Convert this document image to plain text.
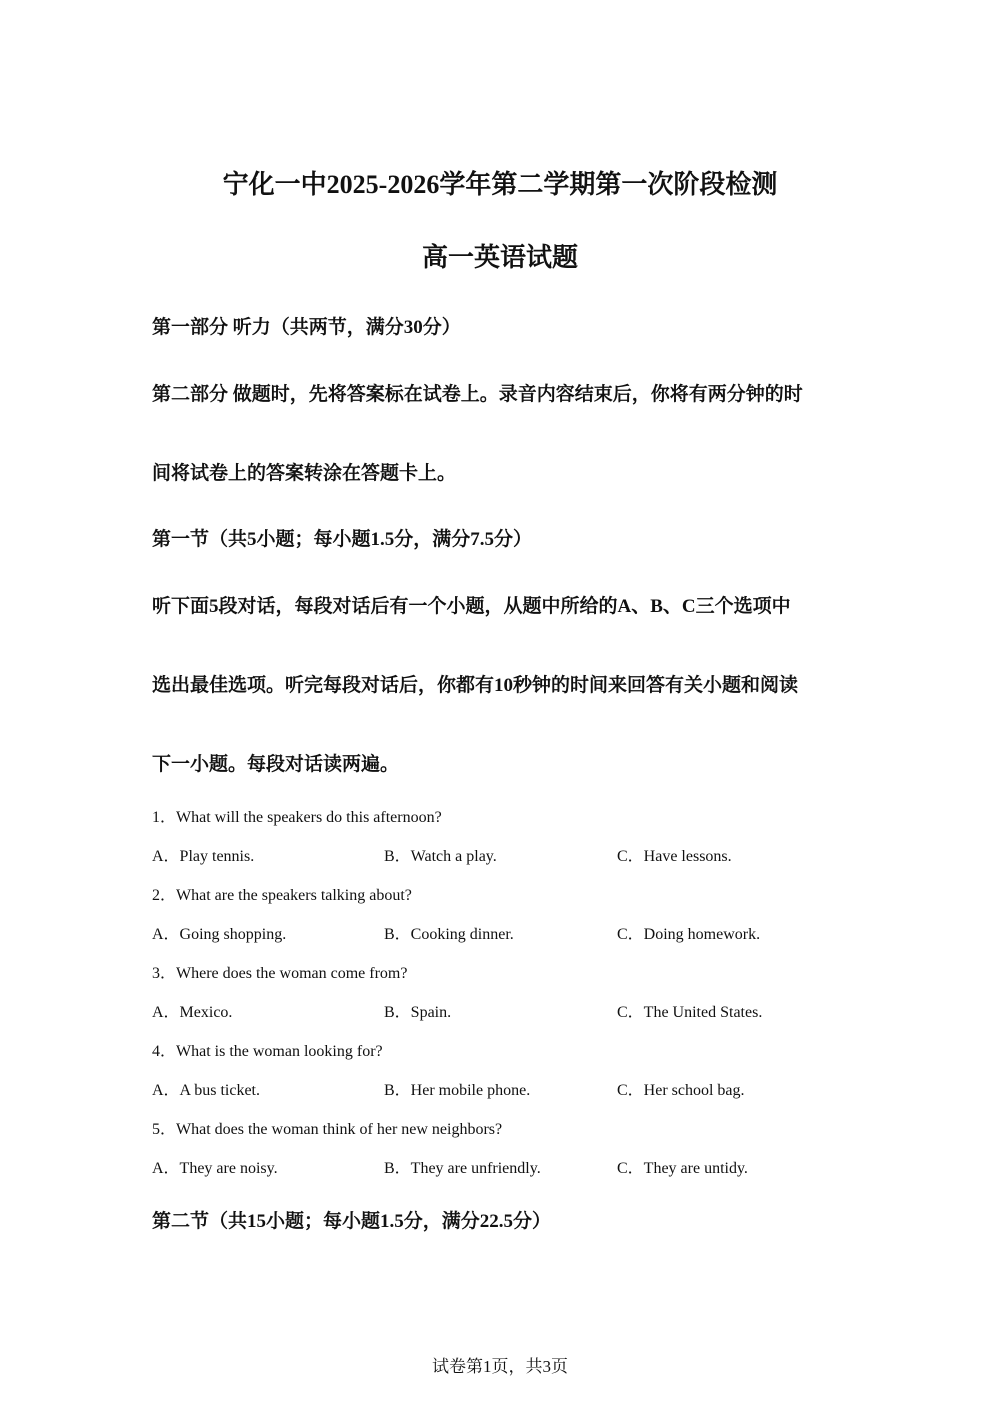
宁化一中2025-2026学年第二学期第一次阶段检测
高一英语试题
第一部分 听力（共两节，满分30分）
第二部分 做题时，先将答案标在试卷上。录音内容结束后，你将有两分钟的时
间将试卷上的答案转涂在答题卡上。
第一节（共5小题；每小题1.5分，满分7.5分）
听下面5段对话，每段对话后有一个小题，从题中所给的A、B、C三个选项中
选出最佳选项。听完每段对话后，你都有10秒钟的时间来回答有关小题和阅读
下一小题。每段对话读两遍。
1．What will the speakers do this afternoon?
A．Play tennis.	B．Watch a play.	C．Have lessons.
2．What are the speakers talking about?
A．Going shopping.	B．Cooking dinner.	C．Doing homework.
3．Where does the woman come from?
A．Mexico.	B．Spain.	C．The United States.
4．What is the woman looking for?
A．A bus ticket.	B．Her mobile phone.	C．Her school bag.
5．What does the woman think of her new neighbors?
A．They are noisy.	B．They are unfriendly.	C．They are untidy.
第二节（共15小题；每小题1.5分，满分22.5分）
试卷第1页，共3页
